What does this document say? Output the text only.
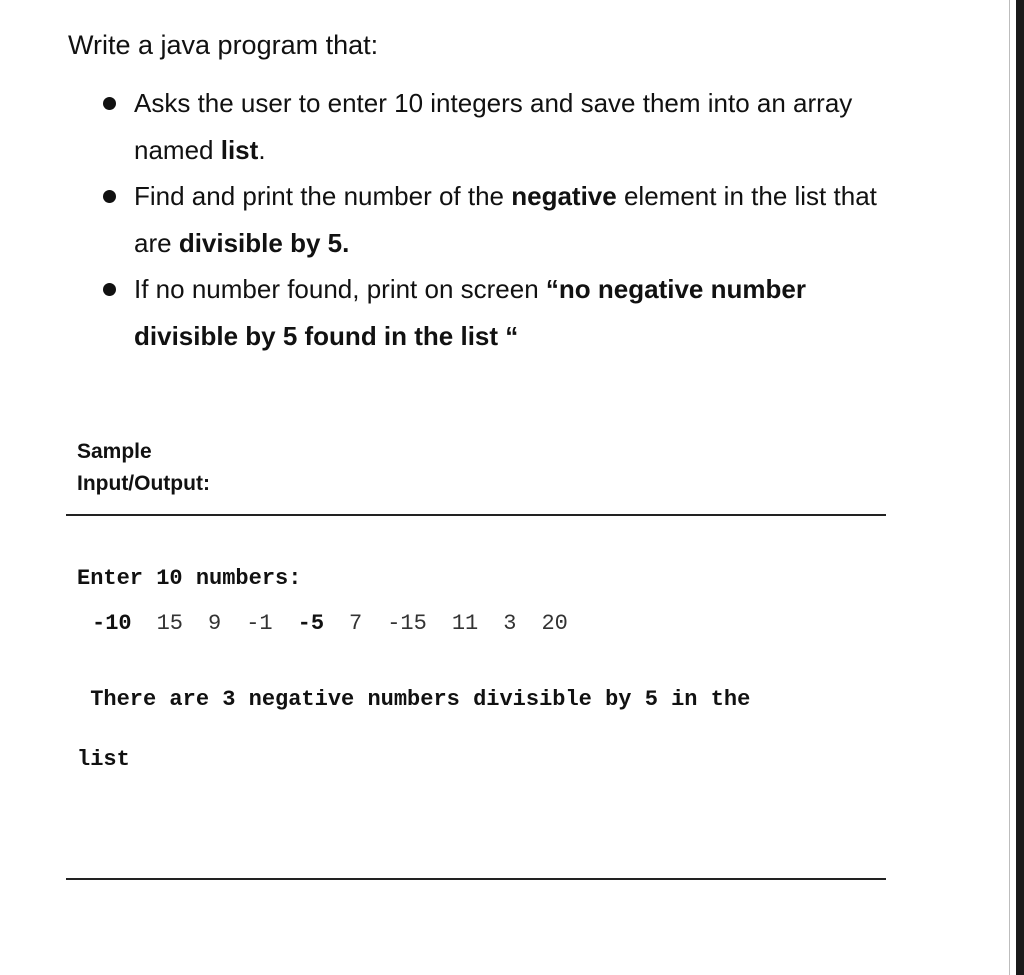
Write a java program that:
Asks the user to enter 10 integers and save them into an array named list.
Find and print the number of the negative element in the list that are divisible by 5.
If no number found, print on screen “no negative number divisible by 5 found in the list “
Sample
Input/Output:
Enter 10 numbers:
-10 15 9 -1 -5 7 -15 11 3 20

There are 3 negative numbers divisible by 5 in the

list
